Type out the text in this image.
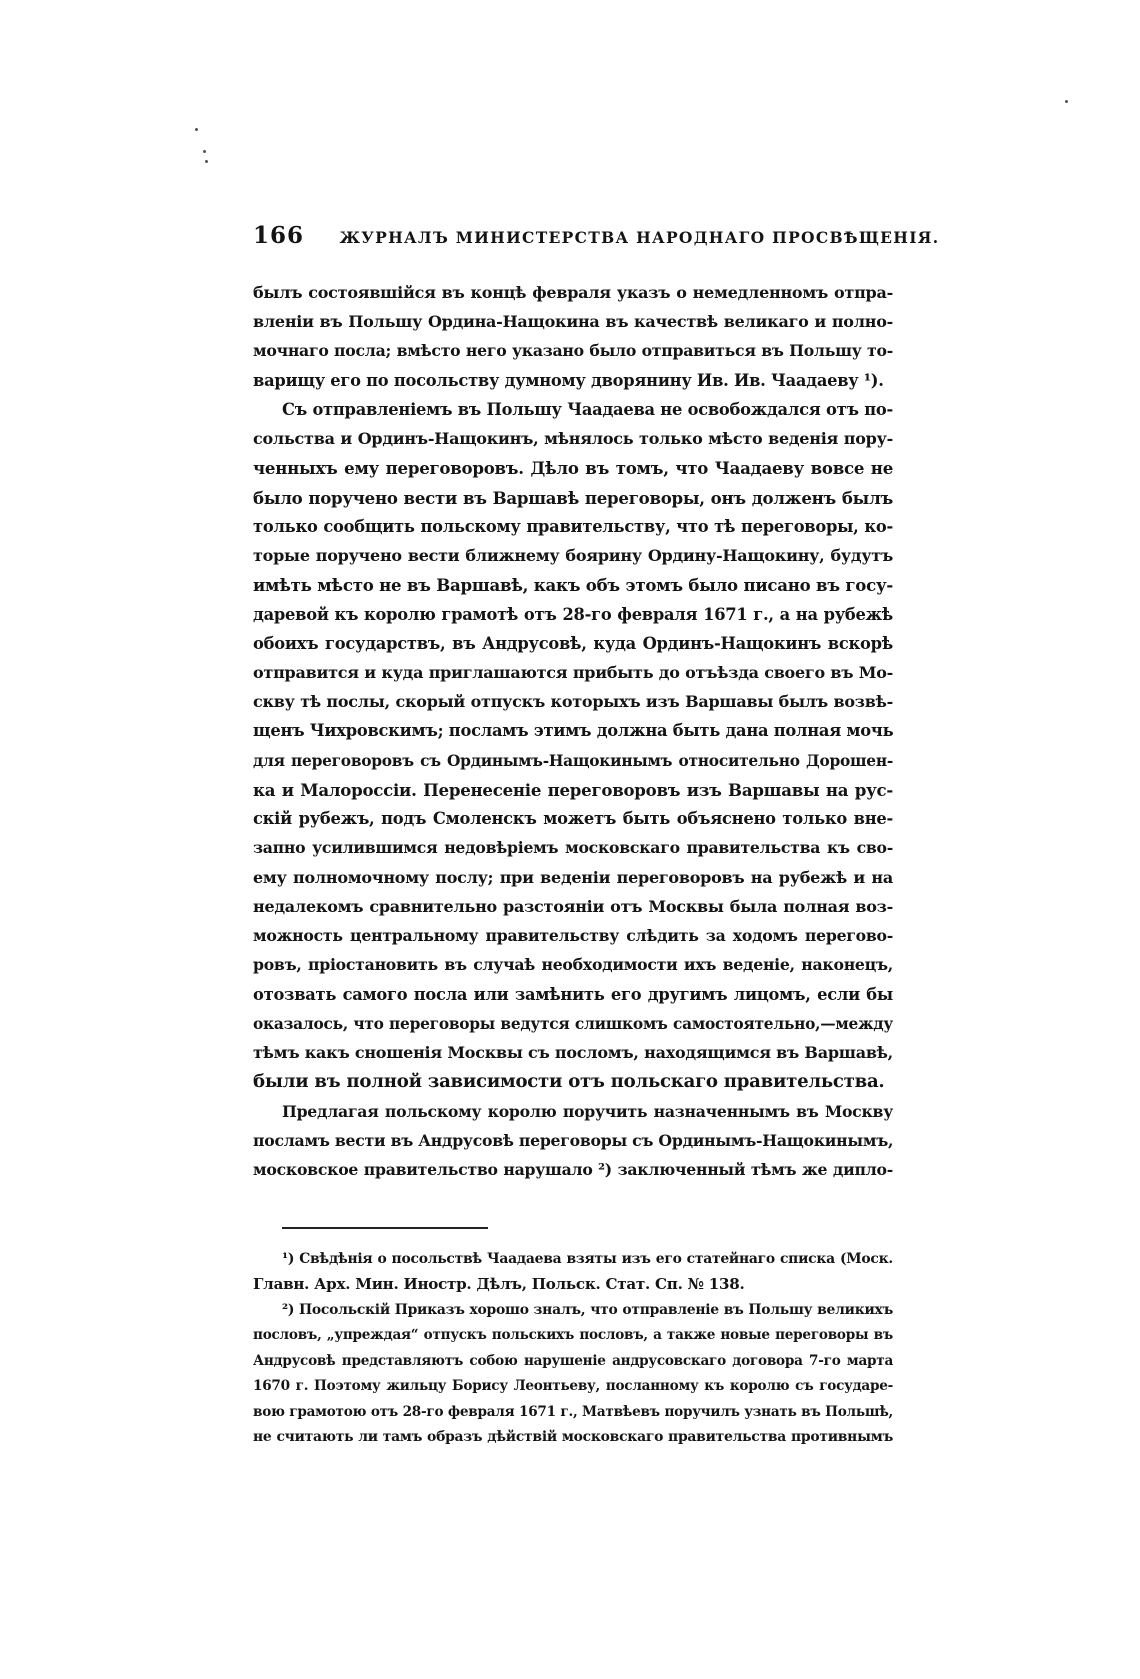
166 ЖУРНАЛЪ МИНИСТЕРСТВА НАРОДНАГО ПРОСВѢЩЕНІЯ.
былъ состоявшійся въ концѣ февраля указъ о немедленномъ отпра-
вленіи въ Польшу Ордина-Нащокина въ качествѣ великаго и полно-
мочнаго посла; вмѣсто него указано было отправиться въ Польшу то-
варищу его по посольству думному дворянину Ив. Ив. Чаадаеву ¹).
Съ отправленіемъ въ Польшу Чаадаева не освобождался отъ по-
сольства и Ординъ-Нащокинъ, мѣнялось только мѣсто веденія пору-
ченныхъ ему переговоровъ. Дѣло въ томъ, что Чаадаеву вовсе не
было поручено вести въ Варшавѣ переговоры, онъ долженъ былъ
только сообщить польскому правительству, что тѣ переговоры, ко-
торые поручено вести ближнему боярину Ордину-Нащокину, будутъ
имѣть мѣсто не въ Варшавѣ, какъ объ этомъ было писано въ госу-
даревой къ королю грамотѣ отъ 28-го февраля 1671 г., а на рубежѣ
обоихъ государствъ, въ Андрусовѣ, куда Ординъ-Нащокинъ вскорѣ
отправится и куда приглашаются прибыть до отъѣзда своего въ Мо-
скву тѣ послы, скорый отпускъ которыхъ изъ Варшавы былъ возвѣ-
щенъ Чихровскимъ; посламъ этимъ должна быть дана полная мочь
для переговоровъ съ Ординымъ-Нащокинымъ относительно Дорошен-
ка и Малороссіи. Перенесеніе переговоровъ изъ Варшавы на рус-
скій рубежъ, подъ Смоленскъ можетъ быть объяснено только вне-
запно усилившимся недовѣріемъ московскаго правительства къ сво-
ему полномочному послу; при веденіи переговоровъ на рубежѣ и на
недалекомъ сравнительно разстояніи отъ Москвы была полная воз-
можность центральному правительству слѣдить за ходомъ перегово-
ровъ, пріостановить въ случаѣ необходимости ихъ веденіе, наконецъ,
отозвать самого посла или замѣнить его другимъ лицомъ, если бы
оказалось, что переговоры ведутся слишкомъ самостоятельно,—между
тѣмъ какъ сношенія Москвы съ посломъ, находящимся въ Варшавѣ,
были въ полной зависимости отъ польскаго правительства.
Предлагая польскому королю поручить назначеннымъ въ Москву
посламъ вести въ Андрусовѣ переговоры съ Ординымъ-Нащокинымъ,
московское правительство нарушало ²) заключенный тѣмъ же дипло-
¹) Свѣдѣнія о посольствѣ Чаадаева взяты изъ его статейнаго списка (Моск.
Главн. Арх. Мин. Иностр. Дѣлъ, Польск. Стат. Сп. № 138.
²) Посольскій Приказъ хорошо зналъ, что отправленіе въ Польшу великихъ
пословъ, „упреждая“ отпускъ польскихъ пословъ, а также новые переговоры въ
Андрусовѣ представляютъ собою нарушеніе андрусовскаго договора 7-го марта
1670 г. Поэтому жильцу Борису Леонтьеву, посланному къ королю съ государе-
вою грамотою отъ 28-го февраля 1671 г., Матвѣевъ поручилъ узнать въ Польшѣ,
не считають ли тамъ образъ дѣйствій московскаго правительства противнымъ
